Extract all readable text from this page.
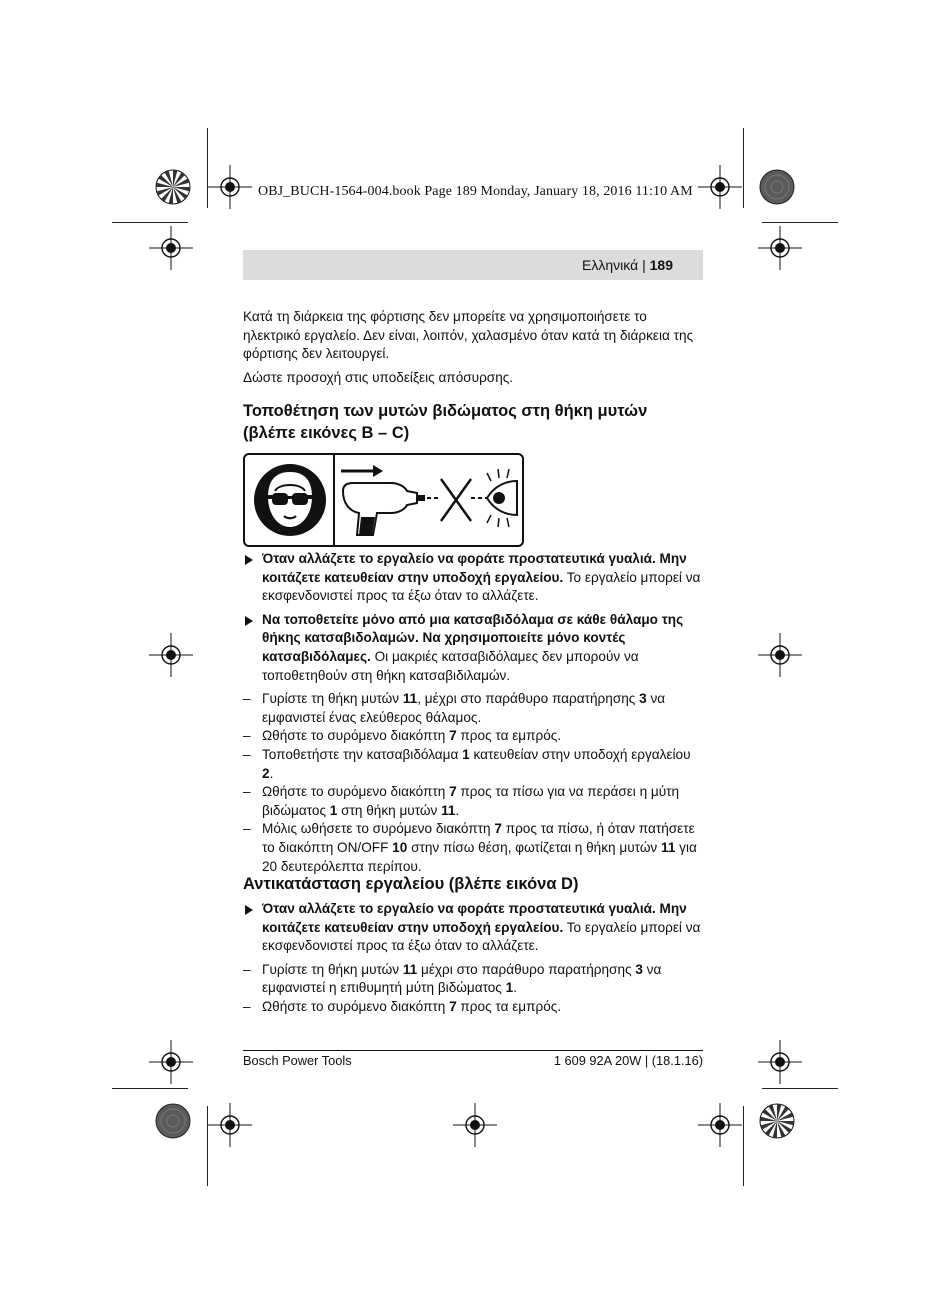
OBJ_BUCH-1564-004.book Page 189 Monday, January 18, 2016 11:10 AM
Ελληνικά | 189

Κατά τη διάρκεια της φόρτισης δεν μπορείτε να χρησιμοποιήσετε το ηλεκτρικό εργαλείο. Δεν είναι, λοιπόν, χαλασμένο όταν κατά τη διάρκεια της φόρτισης δεν λειτουργεί.

Δώστε προσοχή στις υποδείξεις απόσυρσης.

Τοποθέτηση των μυτών βιδώματος στη θήκη μυτών
(βλέπε εικόνες B – C)
Όταν αλλάζετε το εργαλείο να φοράτε προστατευτικά γυαλιά. Μην κοιτάζετε κατευθείαν στην υποδοχή εργαλείου. Το εργαλείο μπορεί να εκσφενδονιστεί προς τα έξω όταν το αλλάζετε.
Να τοποθετείτε μόνο από μια κατσαβιδόλαμα σε κάθε θάλαμο της θήκης κατσαβιδολαμών. Να χρησιμοποιείτε μόνο κοντές κατσαβιδόλαμες. Οι μακριές κατσαβιδόλαμες δεν μπορούν να τοποθετηθούν στη θήκη κατσαβιδιλαμών.
– Γυρίστε τη θήκη μυτών 11, μέχρι στο παράθυρο παρατήρησης 3 να εμφανιστεί ένας ελεύθερος θάλαμος.
– Ωθήστε το συρόμενο διακόπτη 7 προς τα εμπρός.
– Τοποθετήστε την κατσαβιδόλαμα 1 κατευθείαν στην υποδοχή εργαλείου 2.
– Ωθήστε το συρόμενο διακόπτη 7 προς τα πίσω για να περάσει η μύτη βιδώματος 1 στη θήκη μυτών 11.
– Μόλις ωθήσετε το συρόμενο διακόπτη 7 προς τα πίσω, ή όταν πατήσετε το διακόπτη ON/OFF 10 στην πίσω θέση, φωτίζεται η θήκη μυτών 11 για 20 δευτερόλεπτα περίπου.
Αντικατάσταση εργαλείου (βλέπε εικόνα D)
Όταν αλλάζετε το εργαλείο να φοράτε προστατευτικά γυαλιά. Μην κοιτάζετε κατευθείαν στην υποδοχή εργαλείου. Το εργαλείο μπορεί να εκσφενδονιστεί προς τα έξω όταν το αλλάζετε.
– Γυρίστε τη θήκη μυτών 11 μέχρι στο παράθυρο παρατήρησης 3 να εμφανιστεί η επιθυμητή μύτη βιδώματος 1.
– Ωθήστε το συρόμενο διακόπτη 7 προς τα εμπρός.
Bosch Power Tools	1 609 92A 20W | (18.1.16)
